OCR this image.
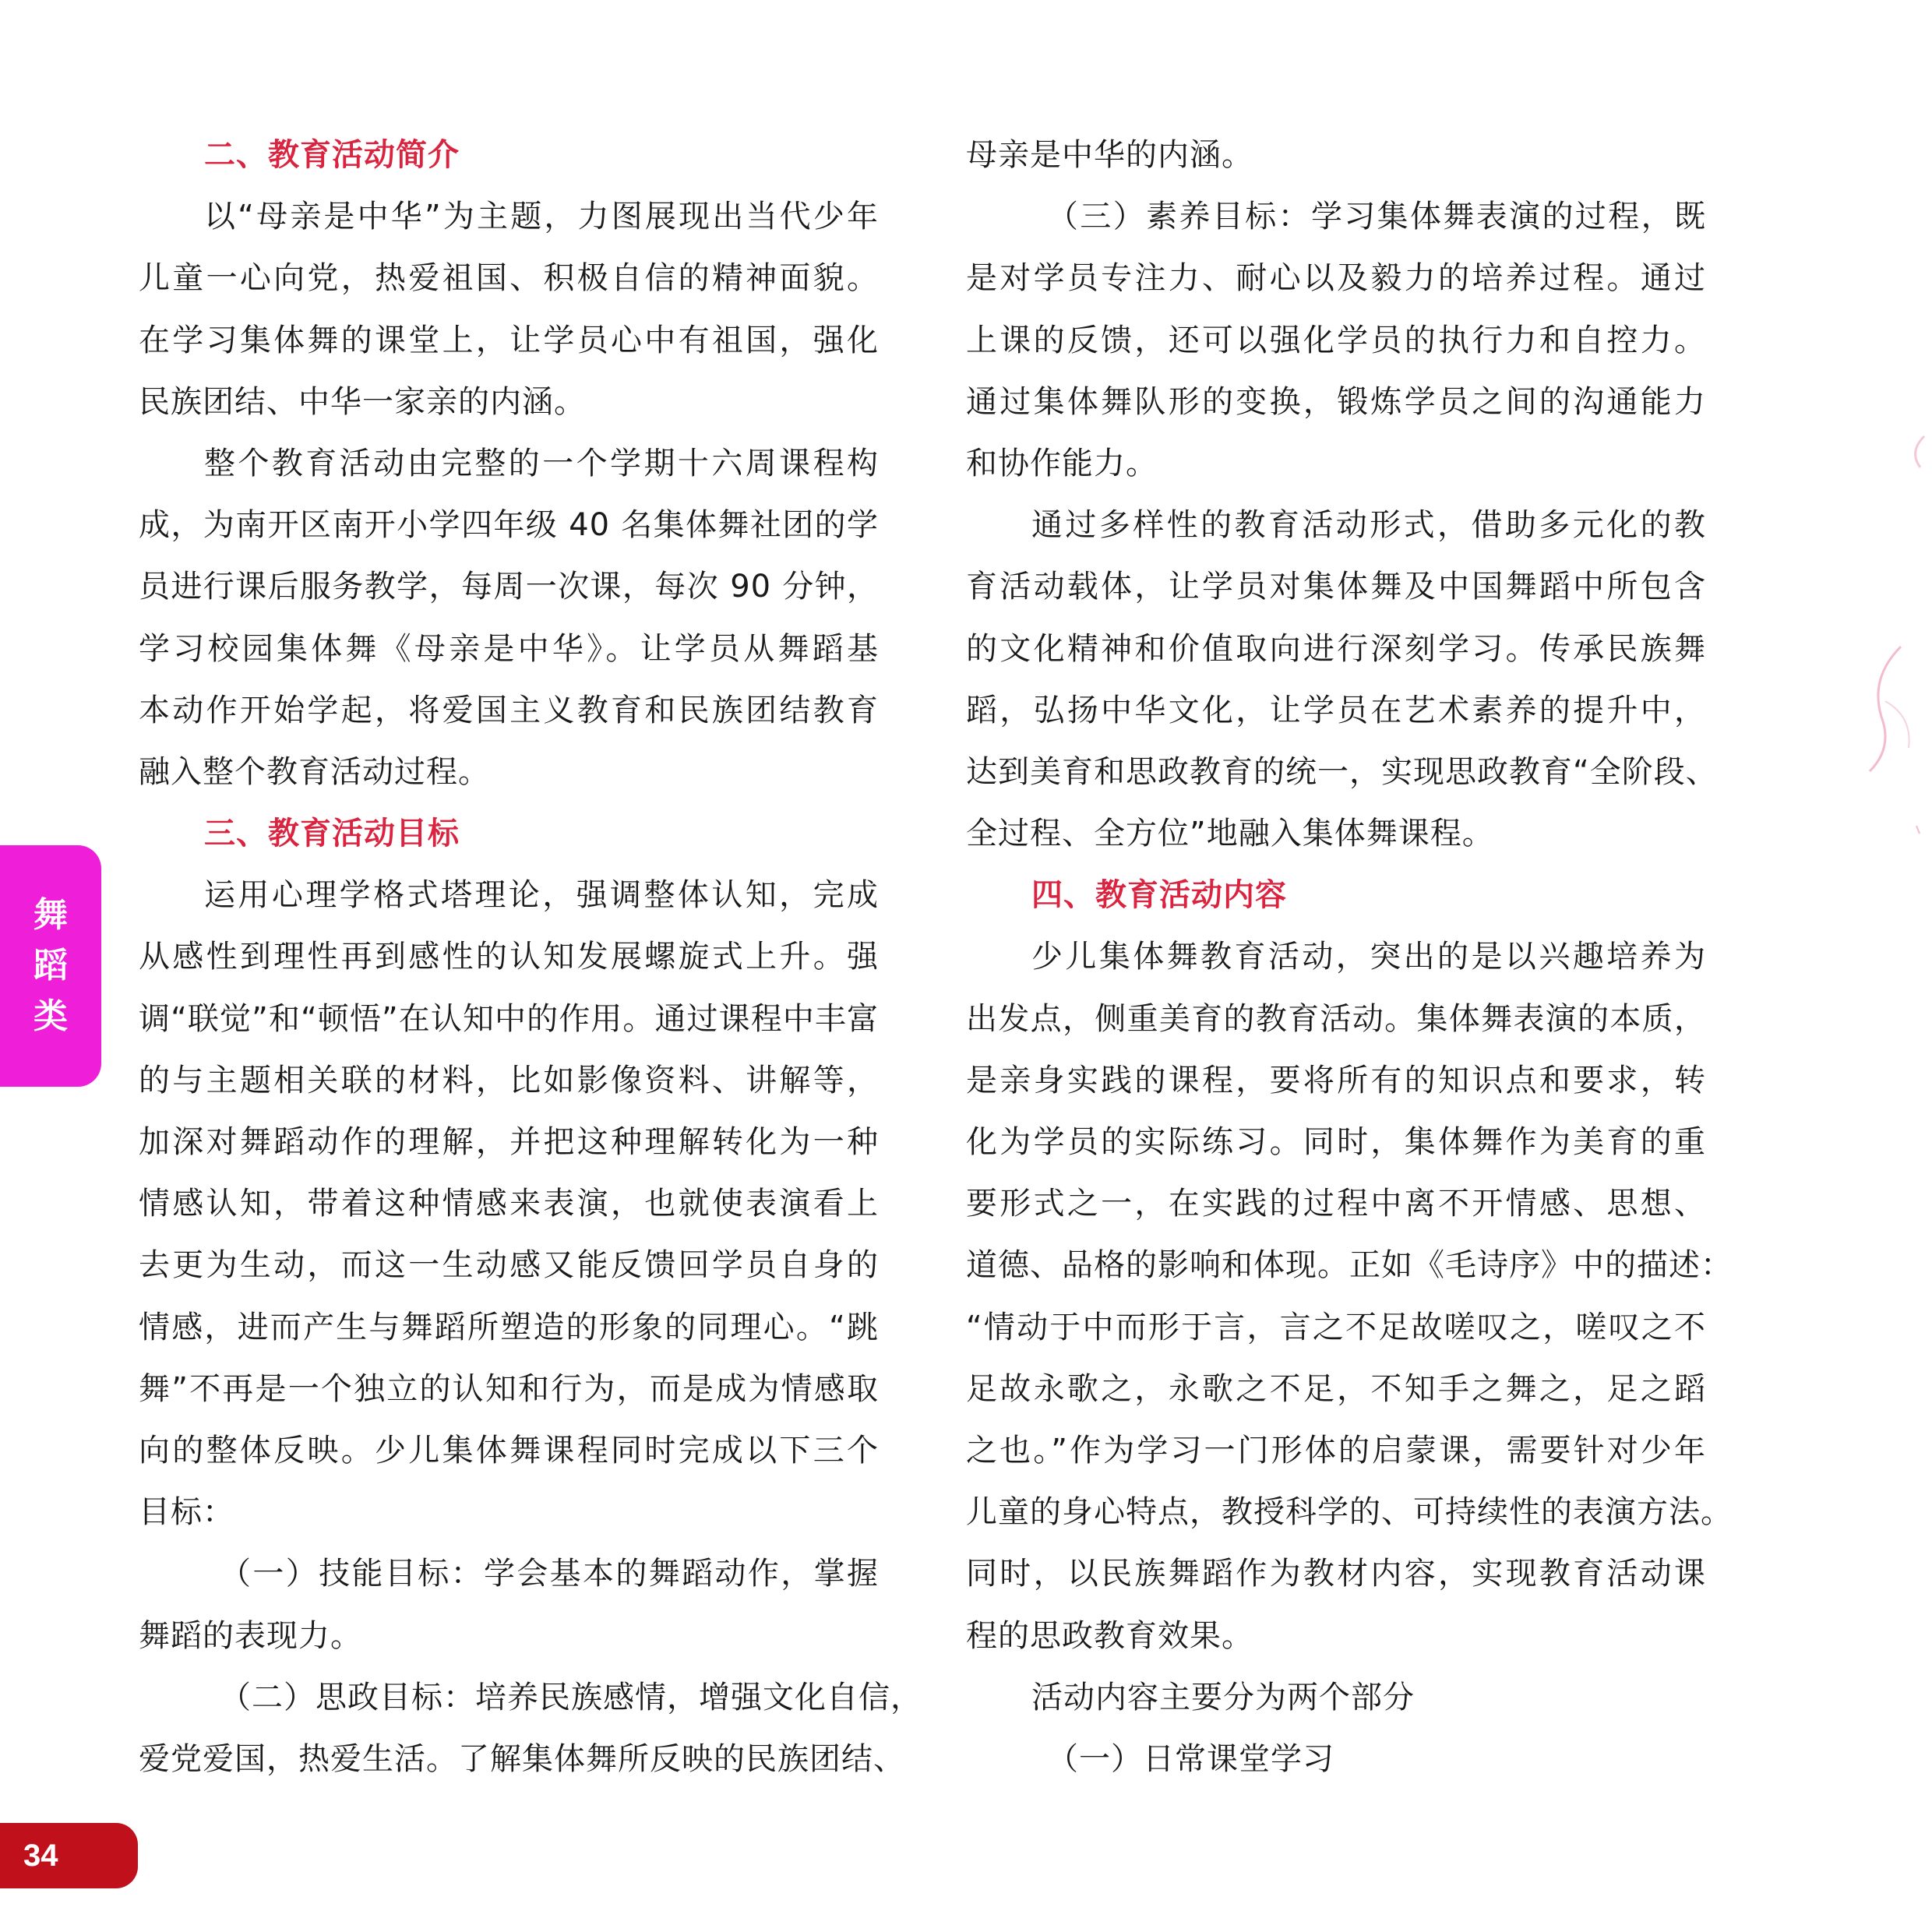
二、教育活动简介
以“母亲是中华”为主题，力图展现出当代少年
儿童一心向党，热爱祖国、积极自信的精神面貌。
在学习集体舞的课堂上，让学员心中有祖国，强化
民族团结、中华一家亲的内涵。
整个教育活动由完整的一个学期十六周课程构
成，为南开区南开小学四年级 40 名集体舞社团的学
员进行课后服务教学，每周一次课，每次 90 分钟，
学习校园集体舞《母亲是中华》。让学员从舞蹈基
本动作开始学起，将爱国主义教育和民族团结教育
融入整个教育活动过程。
三、教育活动目标
运用心理学格式塔理论，强调整体认知，完成
从感性到理性再到感性的认知发展螺旋式上升。强
调“联觉”和“顿悟”在认知中的作用。通过课程中丰富
的与主题相关联的材料，比如影像资料、讲解等，
加深对舞蹈动作的理解，并把这种理解转化为一种
情感认知，带着这种情感来表演，也就使表演看上
去更为生动，而这一生动感又能反馈回学员自身的
情感，进而产生与舞蹈所塑造的形象的同理心。“跳
舞”不再是一个独立的认知和行为，而是成为情感取
向的整体反映。少儿集体舞课程同时完成以下三个
目标：
（一）技能目标：学会基本的舞蹈动作，掌握
舞蹈的表现力。
（二）思政目标：培养民族感情，增强文化自信，
爱党爱国，热爱生活。了解集体舞所反映的民族团结、
母亲是中华的内涵。
（三）素养目标：学习集体舞表演的过程，既
是对学员专注力、耐心以及毅力的培养过程。通过
上课的反馈，还可以强化学员的执行力和自控力。
通过集体舞队形的变换，锻炼学员之间的沟通能力
和协作能力。
通过多样性的教育活动形式，借助多元化的教
育活动载体，让学员对集体舞及中国舞蹈中所包含
的文化精神和价值取向进行深刻学习。传承民族舞
蹈，弘扬中华文化，让学员在艺术素养的提升中，
达到美育和思政教育的统一，实现思政教育“全阶段、
全过程、全方位”地融入集体舞课程。
四、教育活动内容
少儿集体舞教育活动，突出的是以兴趣培养为
出发点，侧重美育的教育活动。集体舞表演的本质，
是亲身实践的课程，要将所有的知识点和要求，转
化为学员的实际练习。同时，集体舞作为美育的重
要形式之一，在实践的过程中离不开情感、思想、
道德、品格的影响和体现。正如《毛诗序》中的描述：
“情动于中而形于言，言之不足故嗟叹之，嗟叹之不
足故永歌之，永歌之不足，不知手之舞之，足之蹈
之也。”作为学习一门形体的启蒙课，需要针对少年
儿童的身心特点，教授科学的、可持续性的表演方法。
同时，以民族舞蹈作为教材内容，实现教育活动课
程的思政教育效果。
活动内容主要分为两个部分
（一）日常课堂学习
舞
蹈
类
34
